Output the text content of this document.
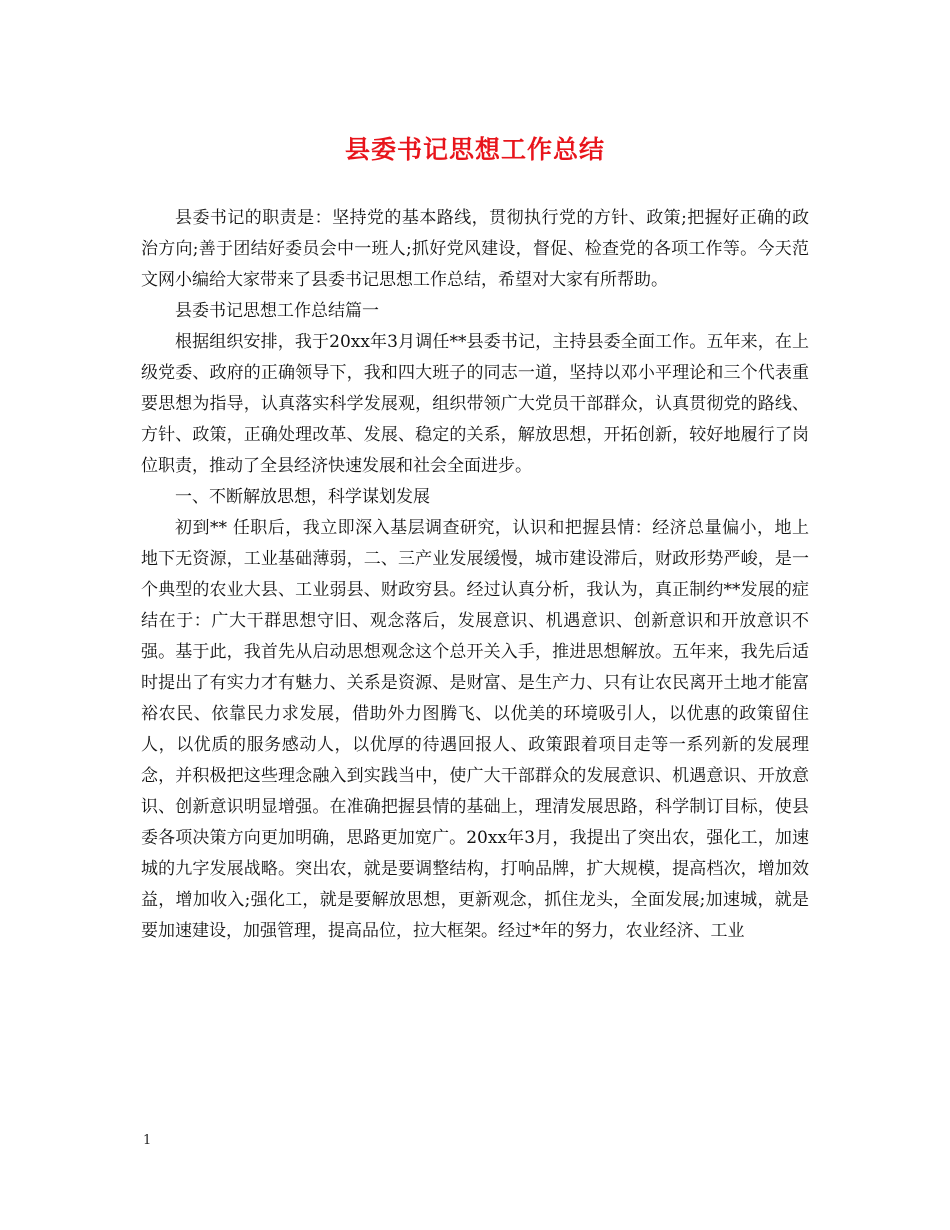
县委书记思想工作总结

县委书记的职责是：坚持党的基本路线，贯彻执行党的方针、政策;把握好正确的政治方向;善于团结好委员会中一班人;抓好党风建设，督促、检查党的各项工作等。今天范文网小编给大家带来了县委书记思想工作总结，希望对大家有所帮助。

县委书记思想工作总结篇一

根据组织安排，我于20xx年3月调任**县委书记，主持县委全面工作。五年来，在上级党委、政府的正确领导下，我和四大班子的同志一道，坚持以邓小平理论和三个代表重要思想为指导，认真落实科学发展观，组织带领广大党员干部群众，认真贯彻党的路线、方针、政策，正确处理改革、发展、稳定的关系，解放思想，开拓创新，较好地履行了岗位职责，推动了全县经济快速发展和社会全面进步。

一、不断解放思想，科学谋划发展

初到** 任职后，我立即深入基层调查研究，认识和把握县情：经济总量偏小，地上地下无资源，工业基础薄弱，二、三产业发展缓慢，城市建设滞后，财政形势严峻，是一个典型的农业大县、工业弱县、财政穷县。经过认真分析，我认为，真正制约**发展的症结在于：广大干群思想守旧、观念落后，发展意识、机遇意识、创新意识和开放意识不强。基于此，我首先从启动思想观念这个总开关入手，推进思想解放。五年来，我先后适时提出了有实力才有魅力、关系是资源、是财富、是生产力、只有让农民离开土地才能富裕农民、依靠民力求发展，借助外力图腾飞、以优美的环境吸引人，以优惠的政策留住人，以优质的服务感动人，以优厚的待遇回报人、政策跟着项目走等一系列新的发展理念，并积极把这些理念融入到实践当中，使广大干部群众的发展意识、机遇意识、开放意识、创新意识明显增强。在准确把握县情的基础上，理清发展思路，科学制订目标，使县委各项决策方向更加明确，思路更加宽广。20xx年3月，我提出了突出农，强化工，加速城的九字发展战略。突出农，就是要调整结构，打响品牌，扩大规模，提高档次，增加效益，增加收入;强化工，就是要解放思想，更新观念，抓住龙头，全面发展;加速城，就是要加速建设，加强管理，提高品位，拉大框架。经过*年的努力，农业经济、工业

1
